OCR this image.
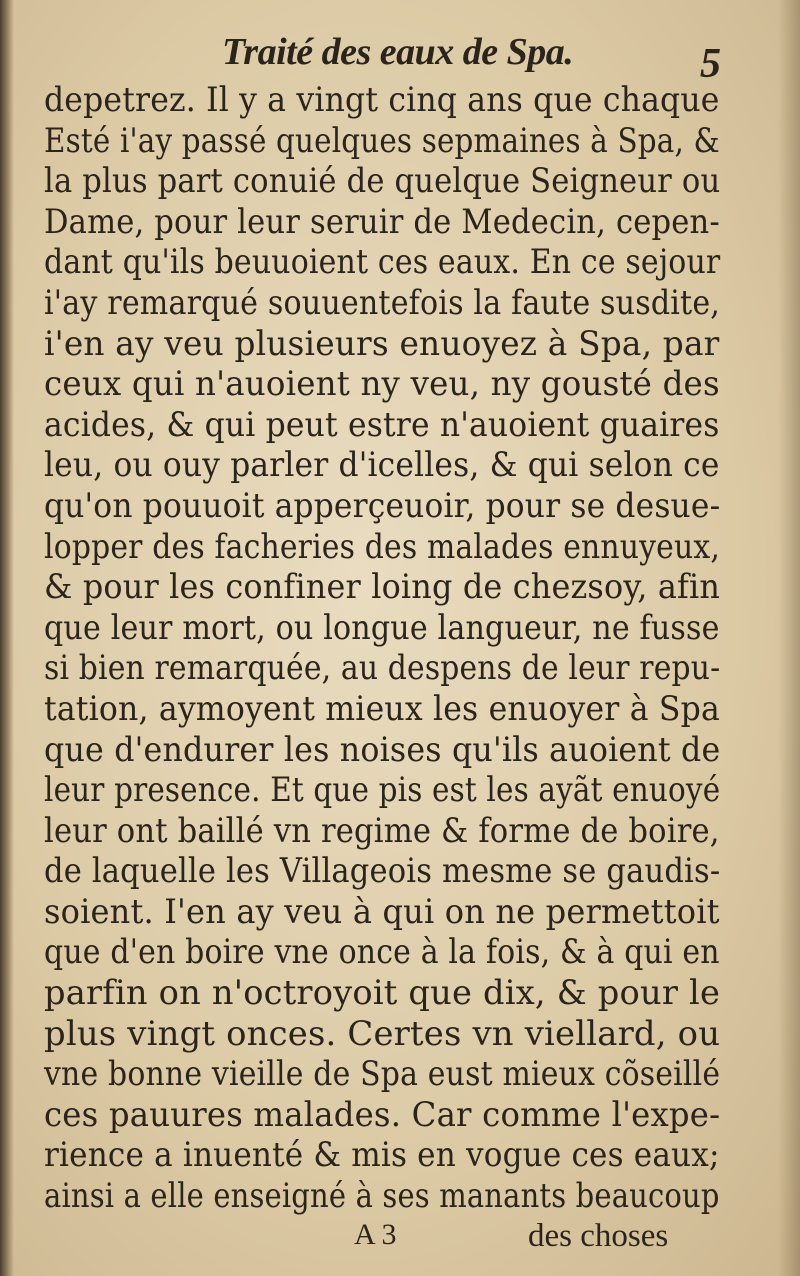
Traité des eaux de Spa.	5
depetrez. Il y a vingt cinq ans que chaque
Esté i'ay passé quelques sepmaines à Spa, &
la plus part conuié de quelque Seigneur ou
Dame, pour leur seruir de Medecin, cepen-
dant qu'ils beuuoient ces eaux. En ce sejour
i'ay remarqué souuentefois la faute susdite,
i'en ay veu plusieurs enuoyez à Spa, par
ceux qui n'auoient ny veu, ny gousté des
acides, & qui peut estre n'auoient guaires
leu, ou ouy parler d'icelles, & qui selon ce
qu'on pouuoit apperçeuoir, pour se desue-
lopper des facheries des malades ennuyeux,
& pour les confiner loing de chezsoy, afin
que leur mort, ou longue langueur, ne fusse
si bien remarquée, au despens de leur repu-
tation, aymoyent mieux les enuoyer à Spa
que d'endurer les noises qu'ils auoient de
leur presence. Et que pis est les ayãt enuoyé
leur ont baillé vn regime & forme de boire,
de laquelle les Villageois mesme se gaudis-
soient. I'en ay veu à qui on ne permettoit
que d'en boire vne once à la fois, & à qui en
parfin on n'octroyoit que dix, & pour le
plus vingt onces. Certes vn viellard, ou
vne bonne vieille de Spa eust mieux cõseillé
ces pauures malades. Car comme l'expe-
rience a inuenté & mis en vogue ces eaux;
ainsi a elle enseigné à ses manants beaucoup
A 3	des choses
